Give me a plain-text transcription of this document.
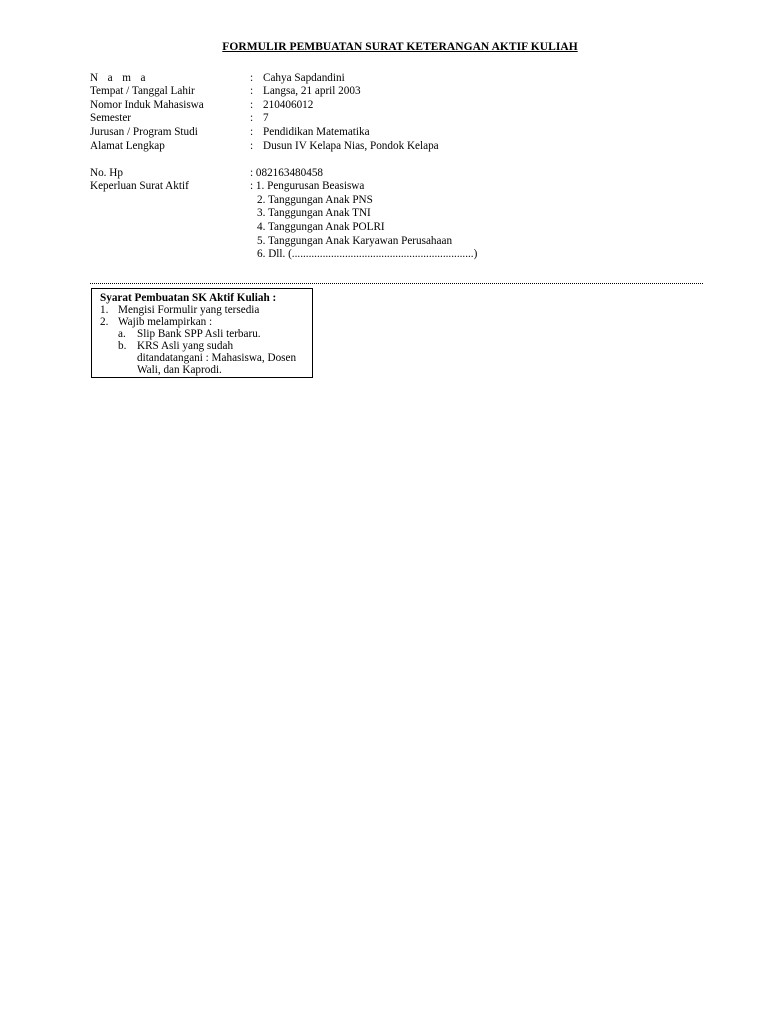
FORMULIR PEMBUATAN SURAT KETERANGAN AKTIF KULIAH
N a m a	: Cahya Sapdandini
Tempat / Tanggal Lahir	: Langsa, 21 april 2003
Nomor Induk Mahasiswa	: 210406012
Semester	: 7
Jurusan / Program Studi	: Pendidikan Matematika
Alamat Lengkap	: Dusun IV Kelapa Nias, Pondok Kelapa
No. Hp	: 082163480458
Keperluan Surat Aktif	: 1. Pengurusan Beasiswa
2. Tanggungan Anak PNS
3. Tanggungan Anak TNI
4. Tanggungan Anak POLRI
5. Tanggungan Anak Karyawan Perusahaan
6. Dll. (.................................................................)
Syarat Pembuatan SK Aktif Kuliah :
1. Mengisi Formulir yang tersedia
2. Wajib melampirkan :
a. Slip Bank SPP Asli terbaru.
b. KRS Asli yang sudah
ditandatangani : Mahasiswa, Dosen
Wali, dan Kaprodi.
